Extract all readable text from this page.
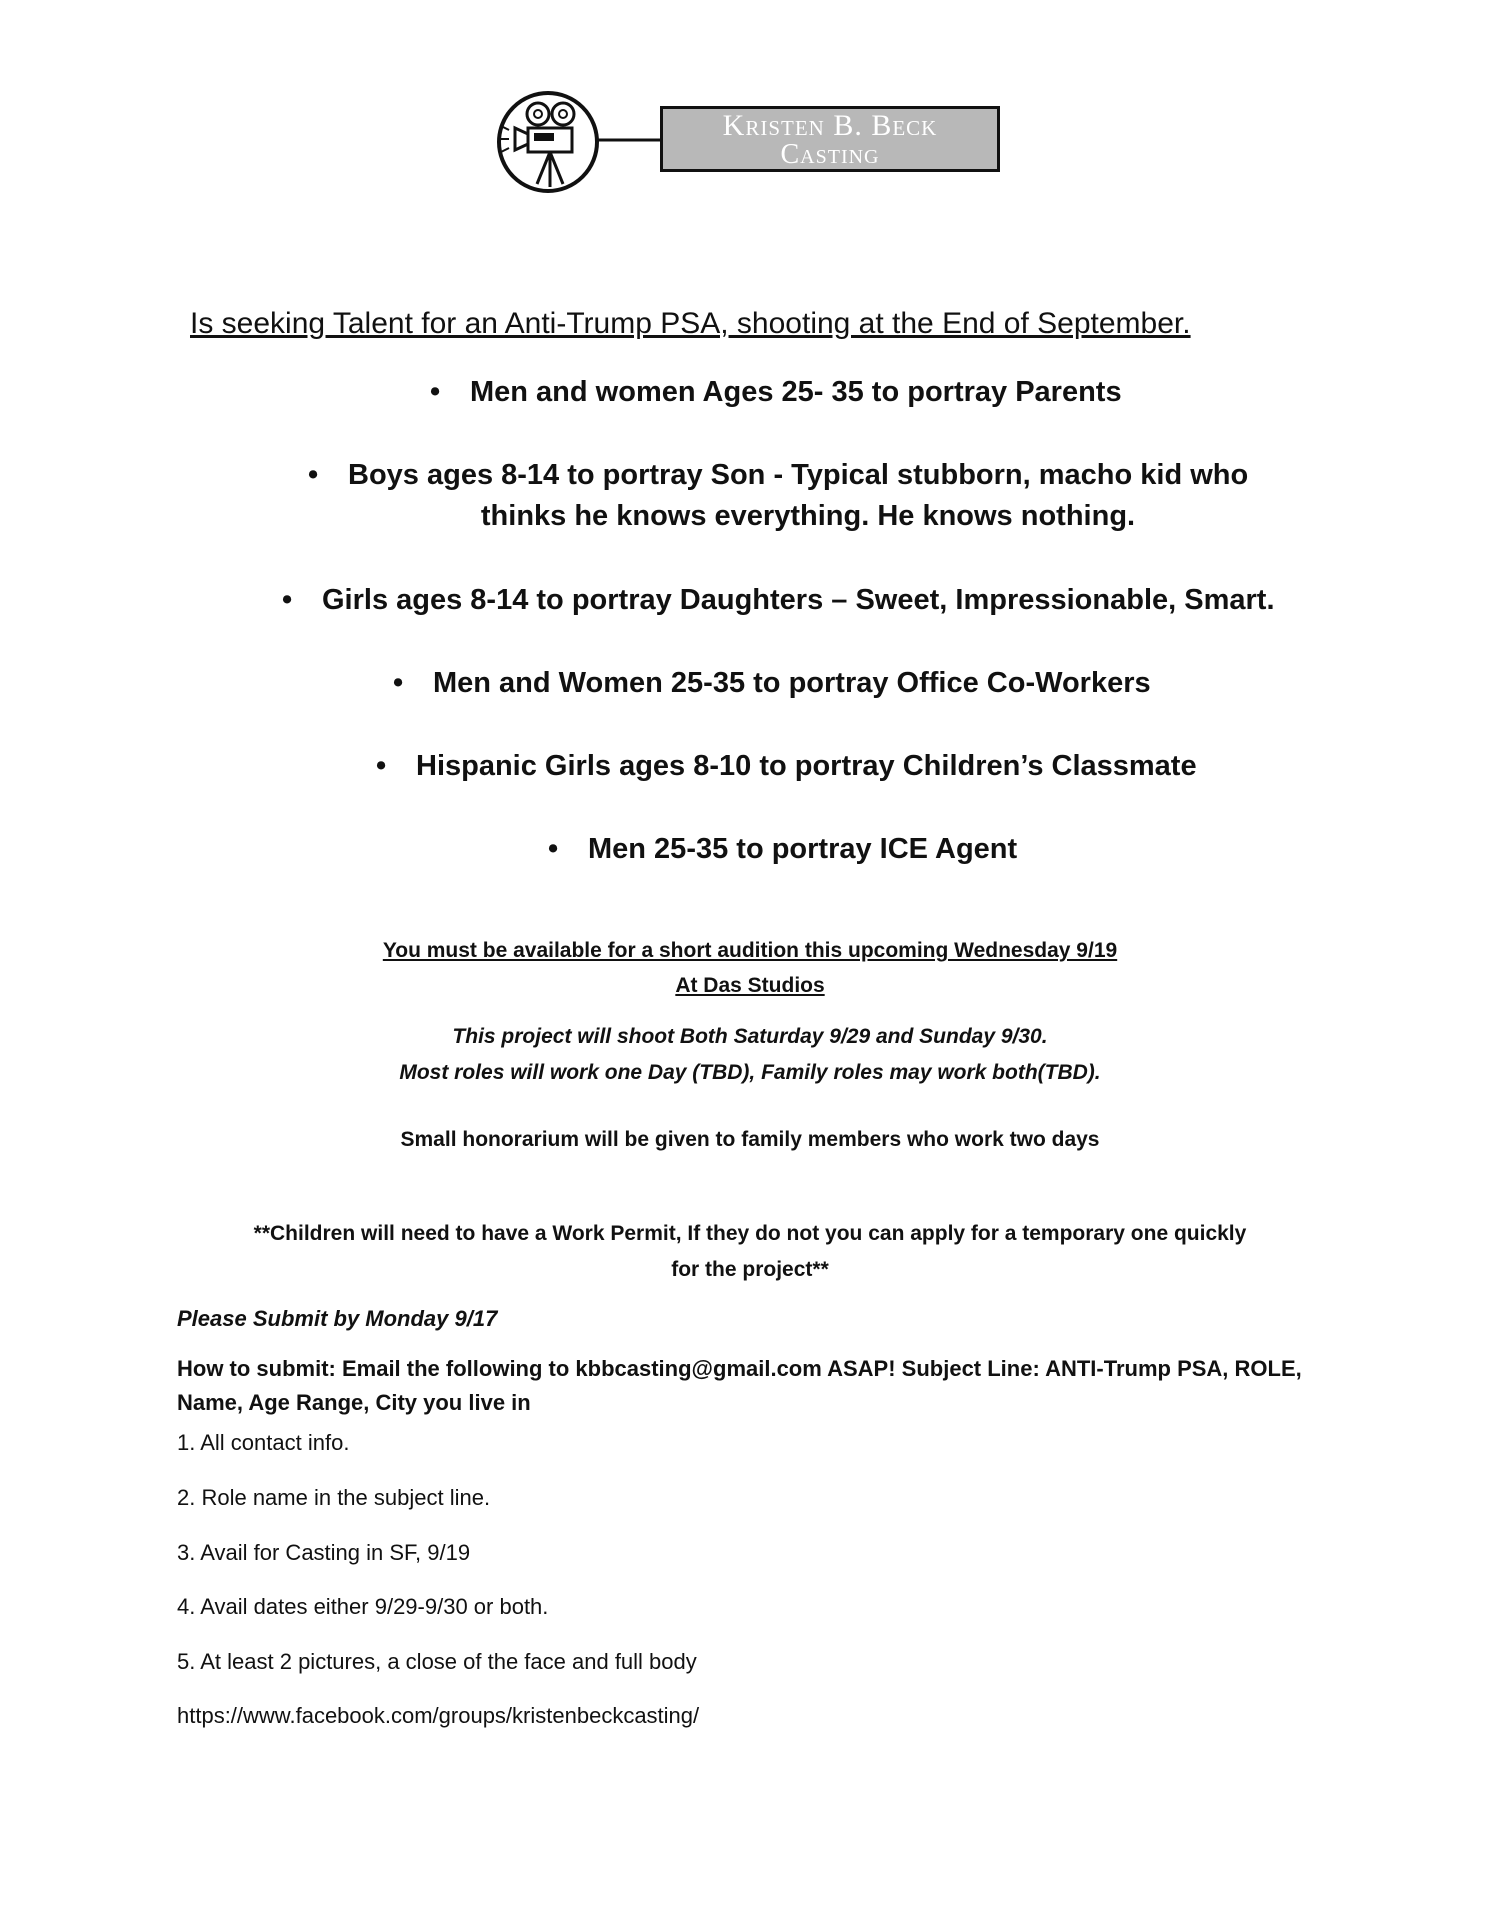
Kristen B. Beck
Casting
Is seeking Talent for an Anti-Trump PSA, shooting at the End of September.
• Men and women Ages 25- 35 to portray Parents
• Boys ages 8-14 to portray Son - Typical stubborn, macho kid who
thinks he knows everything. He knows nothing.
• Girls ages 8-14 to portray Daughters – Sweet, Impressionable, Smart.
• Men and Women 25-35 to portray Office Co-Workers
• Hispanic Girls ages 8-10 to portray Children’s Classmate
• Men 25-35 to portray ICE Agent
You must be available for a short audition this upcoming Wednesday 9/19
At Das Studios
This project will shoot Both Saturday 9/29 and Sunday 9/30.
Most roles will work one Day (TBD), Family roles may work both(TBD).
Small honorarium will be given to family members who work two days
**Children will need to have a Work Permit, If they do not you can apply for a temporary one quickly
for the project**
Please Submit by Monday 9/17
How to submit: Email the following to kbbcasting@gmail.com ASAP! Subject Line: ANTI-Trump PSA, ROLE, Name, Age Range, City you live in
1. All contact info.
2. Role name in the subject line.
3. Avail for Casting in SF, 9/19
4. Avail dates either 9/29-9/30 or both.
5. At least 2 pictures, a close of the face and full body
https://www.facebook.com/groups/kristenbeckcasting/
